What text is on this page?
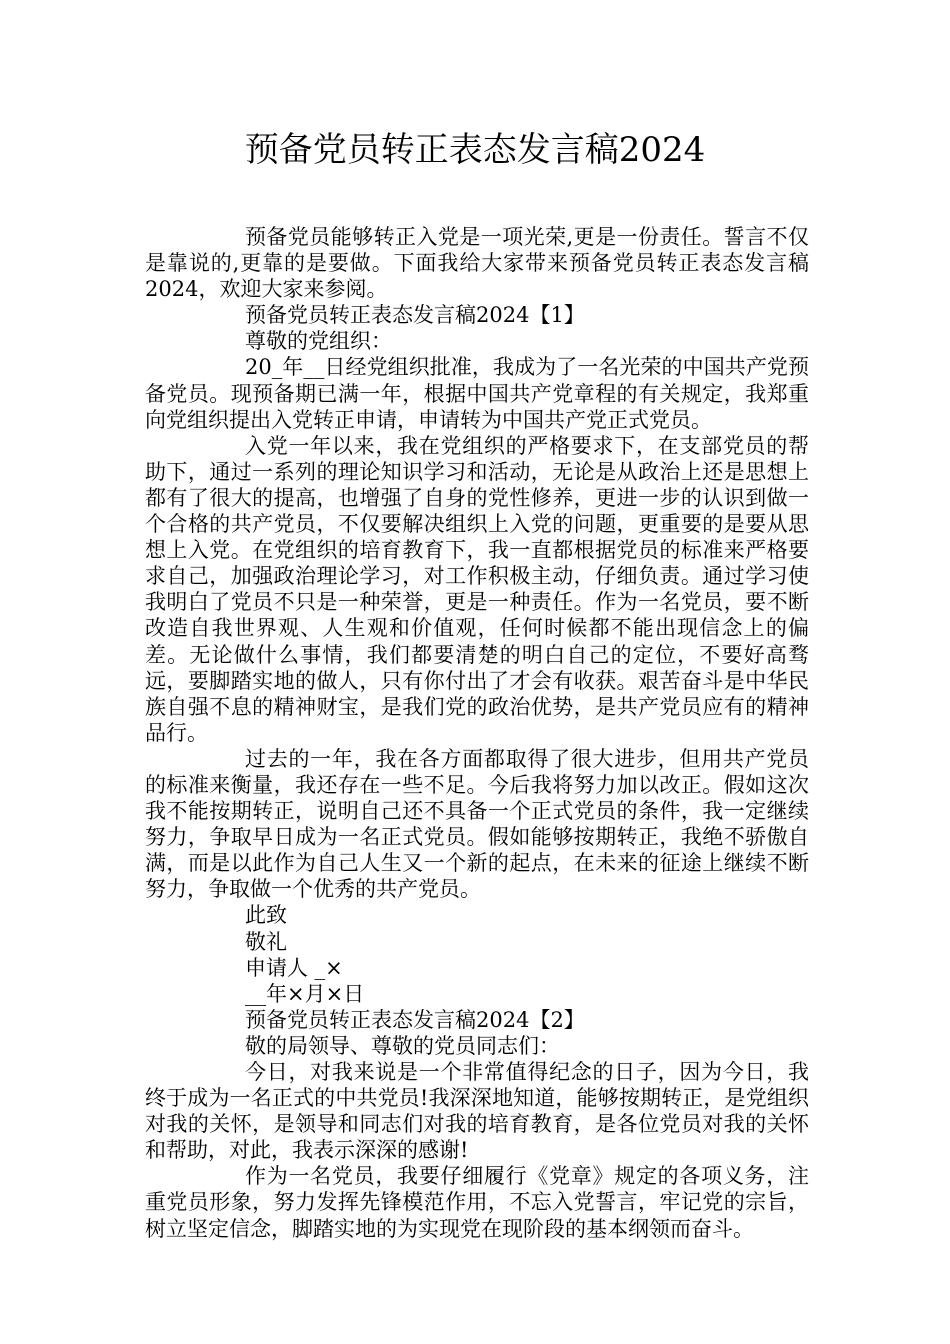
预备党员转正表态发言稿2024

预备党员能够转正入党是一项光荣,更是一份责任。誓言不仅是靠说的,更靠的是要做。下面我给大家带来预备党员转正表态发言稿2024，欢迎大家来参阅。

预备党员转正表态发言稿2024【1】

尊敬的党组织：

20_年__日经党组织批准，我成为了一名光荣的中国共产党预备党员。现预备期已满一年，根据中国共产党章程的有关规定，我郑重向党组织提出入党转正申请，申请转为中国共产党正式党员。

入党一年以来，我在党组织的严格要求下，在支部党员的帮助下，通过一系列的理论知识学习和活动，无论是从政治上还是思想上都有了很大的提高，也增强了自身的党性修养，更进一步的认识到做一个合格的共产党员，不仅要解决组织上入党的问题，更重要的是要从思想上入党。在党组织的培育教育下，我一直都根据党员的标准来严格要求自己，加强政治理论学习，对工作积极主动，仔细负责。通过学习使我明白了党员不只是一种荣誉，更是一种责任。作为一名党员，要不断改造自我世界观、人生观和价值观，任何时候都不能出现信念上的偏差。无论做什么事情，我们都要清楚的明白自己的定位，不要好高骛远，要脚踏实地的做人，只有你付出了才会有收获。艰苦奋斗是中华民族自强不息的精神财宝，是我们党的政治优势，是共产党员应有的精神品行。

过去的一年，我在各方面都取得了很大进步，但用共产党员的标准来衡量，我还存在一些不足。今后我将努力加以改正。假如这次我不能按期转正，说明自己还不具备一个正式党员的条件，我一定继续努力，争取早日成为一名正式党员。假如能够按期转正，我绝不骄傲自满，而是以此作为自己人生又一个新的起点，在未来的征途上继续不断努力，争取做一个优秀的共产党员。

此致

敬礼

申请人 _×

__年×月×日

预备党员转正表态发言稿2024【2】

敬的局领导、尊敬的党员同志们：

今日，对我来说是一个非常值得纪念的日子，因为今日，我终于成为一名正式的中共党员!我深深地知道，能够按期转正，是党组织对我的关怀，是领导和同志们对我的培育教育，是各位党员对我的关怀和帮助，对此，我表示深深的感谢!

作为一名党员，我要仔细履行《党章》规定的各项义务，注重党员形象，努力发挥先锋模范作用，不忘入党誓言，牢记党的宗旨，树立坚定信念，脚踏实地的为实现党在现阶段的基本纲领而奋斗。
